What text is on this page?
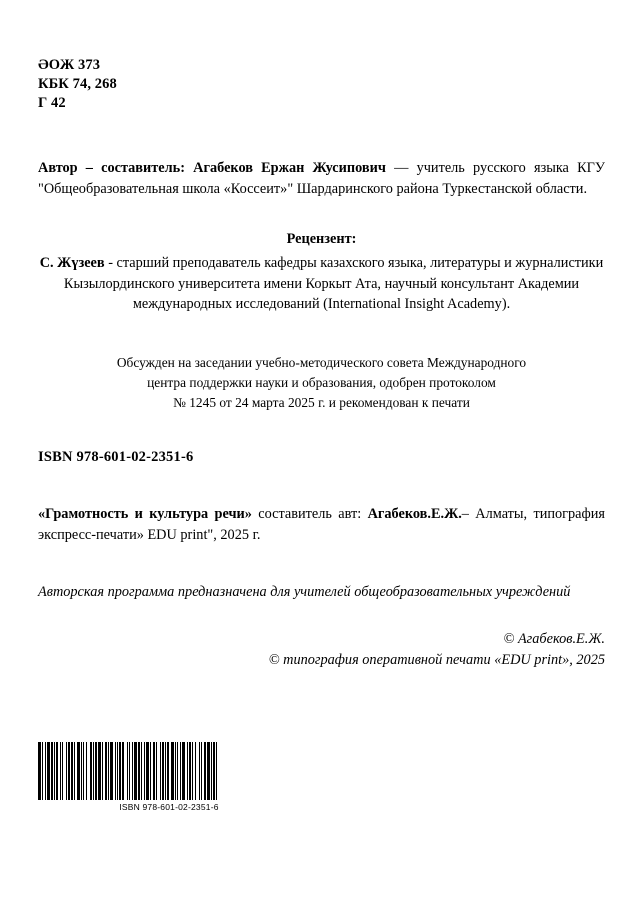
ӘОЖ 373
КБК 74, 268
Г 42
Автор – составитель: Агабеков Ержан Жусипович — учитель русского языка КГУ "Общеобразовательная школа «Коссеит»" Шардаринского района Туркестанской области.
Рецензент:
С. Жүзеев - старший преподаватель кафедры казахского языка, литературы и журналистики Кызылординского университета имени Коркыт Ата, научный консультант Академии международных исследований (International Insight Academy).
Обсужден на заседании учебно-методического совета Международного
центра поддержки науки и образования, одобрен протоколом
№ 1245 от 24 марта 2025 г. и рекомендован к печати
ISBN 978-601-02-2351-6
«Грамотность и культура речи» составитель авт: Агабеков.Е.Ж.– Алматы, типография экспресс-печати» EDU print", 2025 г.
Авторская программа предназначена для учителей общеобразовательных учреждений
© Агабеков.Е.Ж.
© типография оперативной печати «EDU print», 2025
ISBN 978-601-02-2351-6
